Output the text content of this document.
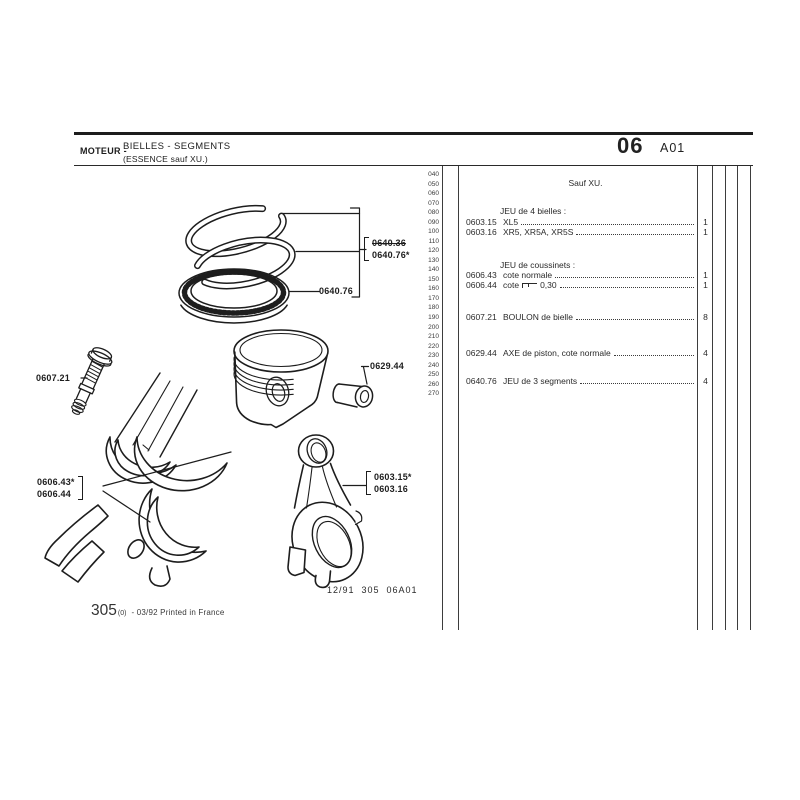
MOTEUR -
BIELLES - SEGMENTS
(ESSENCE sauf XU.)
06 A01
040
050
060
070
080
090
100
110
120
130
140
150
160
170
180
190
200
210
220
230
240
250
260
270
Sauf XU.
JEU de 4 bielles :
0603.15 XL5	1
0603.16 XR5, XR5A, XR5S	1
JEU de coussinets :
0606.43 cote normale	1
0606.44 cote 0,30	1
0607.21 BOULON de bielle	8
0629.44 AXE de piston, cote normale	4
0640.76 JEU de 3 segments	4
0640.36
0640.76*
0640.76
0629.44
0607.21
0606.43*
0606.44
0603.15*
0603.16
12/91  305  06A01
305 (0) - 03/92 Printed in France
